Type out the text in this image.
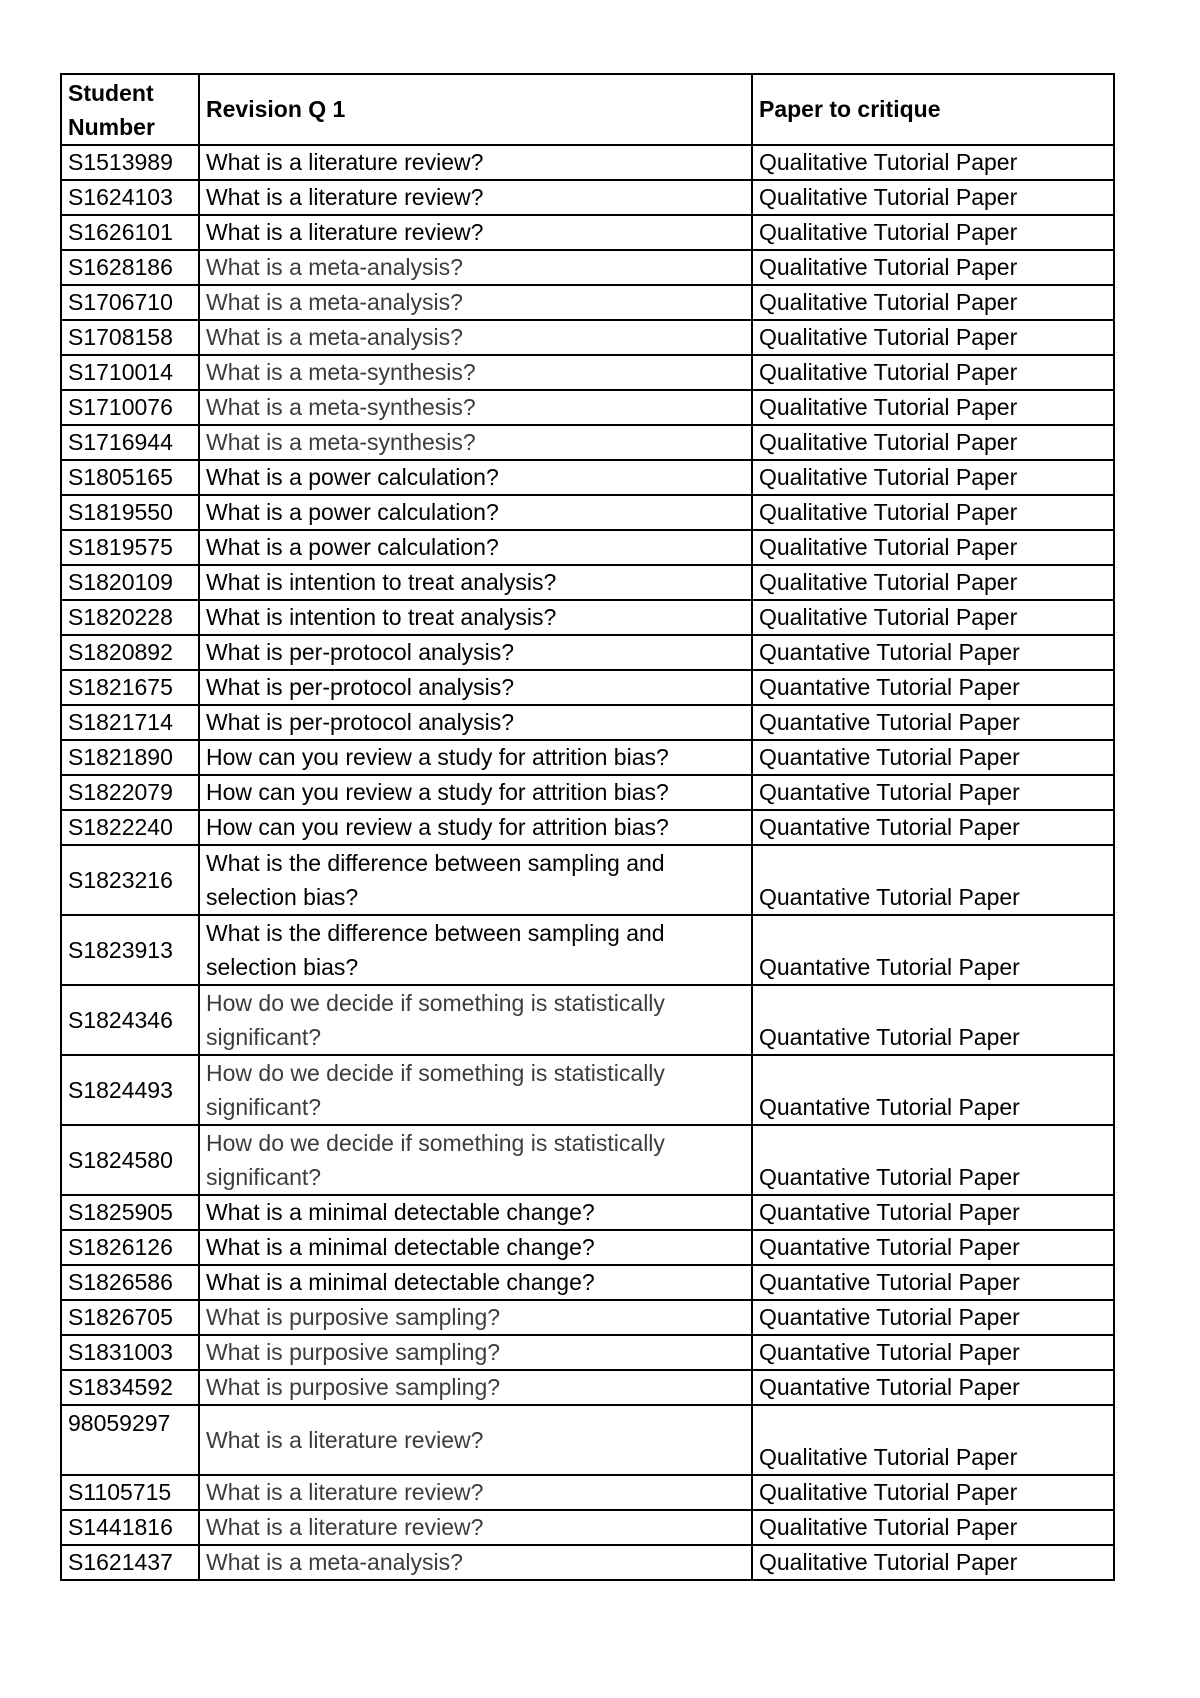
Student Number	Revision Q 1	Paper to critique
S1513989	What is a literature review?	Qualitative Tutorial Paper
S1624103	What is a literature review?	Qualitative Tutorial Paper
S1626101	What is a literature review?	Qualitative Tutorial Paper
S1628186	What is a meta-analysis?	Qualitative Tutorial Paper
S1706710	What is a meta-analysis?	Qualitative Tutorial Paper
S1708158	What is a meta-analysis?	Qualitative Tutorial Paper
S1710014	What is a meta-synthesis?	Qualitative Tutorial Paper
S1710076	What is a meta-synthesis?	Qualitative Tutorial Paper
S1716944	What is a meta-synthesis?	Qualitative Tutorial Paper
S1805165	What is a power calculation?	Qualitative Tutorial Paper
S1819550	What is a power calculation?	Qualitative Tutorial Paper
S1819575	What is a power calculation?	Qualitative Tutorial Paper
S1820109	What is intention to treat analysis?	Qualitative Tutorial Paper
S1820228	What is intention to treat analysis?	Qualitative Tutorial Paper
S1820892	What is per-protocol analysis?	Quantative Tutorial Paper
S1821675	What is per-protocol analysis?	Quantative Tutorial Paper
S1821714	What is per-protocol analysis?	Quantative Tutorial Paper
S1821890	How can you review a study for attrition bias?	Quantative Tutorial Paper
S1822079	How can you review a study for attrition bias?	Quantative Tutorial Paper
S1822240	How can you review a study for attrition bias?	Quantative Tutorial Paper
S1823216	What is the difference between sampling and selection bias?	Quantative Tutorial Paper
S1823913	What is the difference between sampling and selection bias?	Quantative Tutorial Paper
S1824346	How do we decide if something is statistically significant?	Quantative Tutorial Paper
S1824493	How do we decide if something is statistically significant?	Quantative Tutorial Paper
S1824580	How do we decide if something is statistically significant?	Quantative Tutorial Paper
S1825905	What is a minimal detectable change?	Quantative Tutorial Paper
S1826126	What is a minimal detectable change?	Quantative Tutorial Paper
S1826586	What is a minimal detectable change?	Quantative Tutorial Paper
S1826705	What is purposive sampling?	Quantative Tutorial Paper
S1831003	What is purposive sampling?	Quantative Tutorial Paper
S1834592	What is purposive sampling?	Quantative Tutorial Paper
98059297	What is a literature review?	Qualitative Tutorial Paper
S1105715	What is a literature review?	Qualitative Tutorial Paper
S1441816	What is a literature review?	Qualitative Tutorial Paper
S1621437	What is a meta-analysis?	Qualitative Tutorial Paper
